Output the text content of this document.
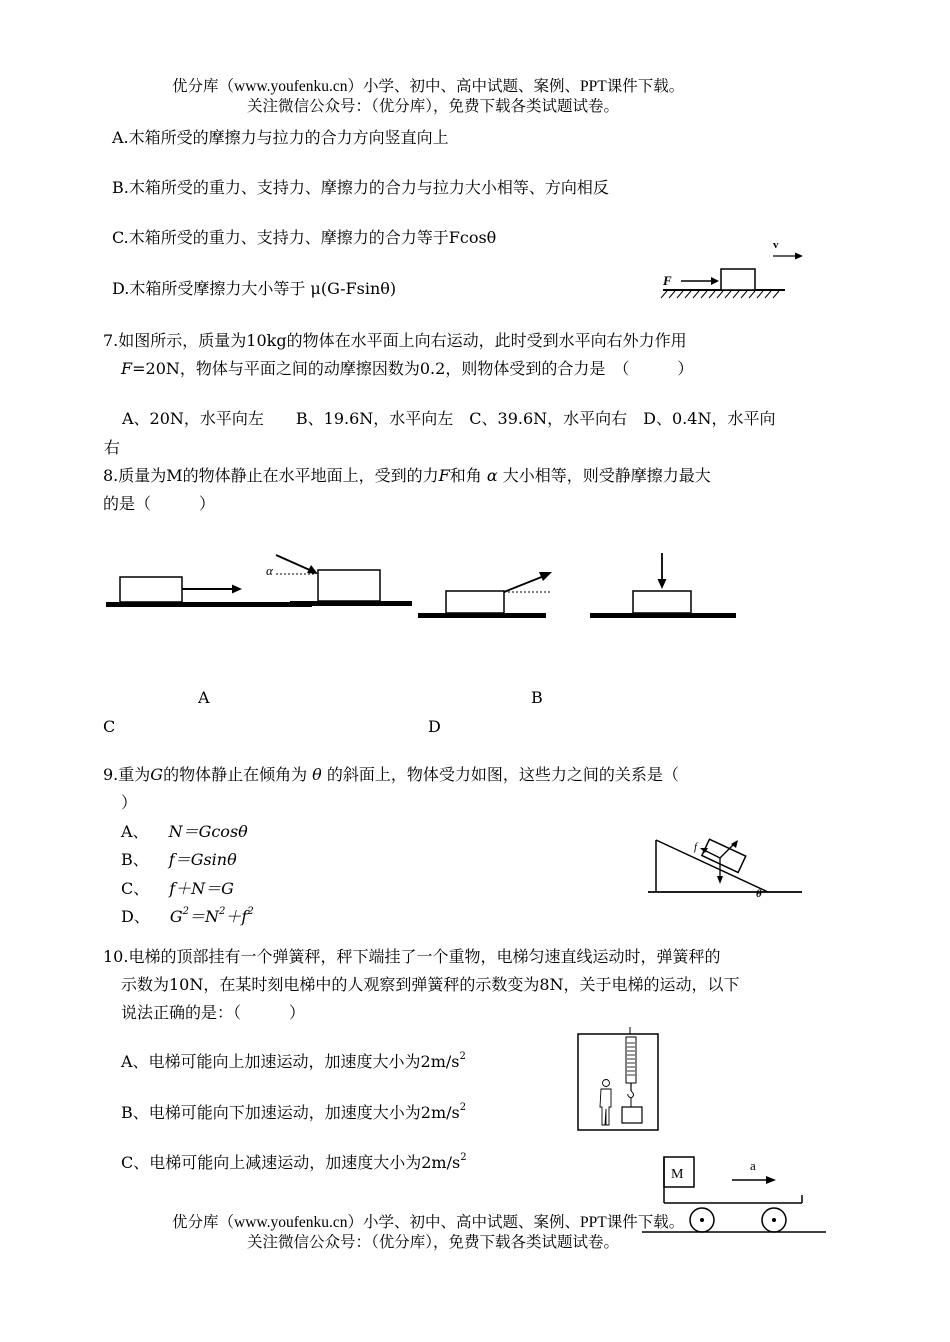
优分库（www.youfenku.cn）小学、初中、高中试题、案例、PPT课件下载。
关注微信公众号：（优分库），免费下载各类试题试卷。
A.木箱所受的摩擦力与拉力的合力方向竖直向上
B.木箱所受的重力、支持力、摩擦力的合力与拉力大小相等、方向相反
C.木箱所受的重力、支持力、摩擦力的合力等于Fcosθ
D.木箱所受摩擦力大小等于 μ(G-Fsinθ)	F
v
7.如图所示，质量为10kg的物体在水平面上向右运动，此时受到水平向右外力作用
F=20N，物体与平面之间的动摩擦因数为0.2，则物体受到的合力是　（　　　）
　A、20N，水平向左　　B、19.6N，水平向左　C、39.6N，水平向右　D、0.4N，水平向
右
8.质量为M的物体静止在水平地面上，受到的力F和角 α 大小相等，则受静摩擦力最大
的是（　　　）
α
A	B
C	D
9.重为G的物体静止在倾角为 θ 的斜面上，物体受力如图，这些力之间的关系是（
）
A、 N＝Gcosθ
B、 f＝Gsinθ
C、 f＋N＝G
D、 $G^2=N^2+f^2$
f
θ
10.电梯的顶部挂有一个弹簧秤，秤下端挂了一个重物，电梯匀速直线运动时，弹簧秤的
示数为10N，在某时刻电梯中的人观察到弹簧秤的示数变为8N，关于电梯的运动，以下
说法正确的是：（　　　）
A、电梯可能向上加速运动，加速度大小为$2m/s^2$
B、电梯可能向下加速运动，加速度大小为$2m/s^2$
C、电梯可能向上减速运动，加速度大小为$2m/s^2$
M
a
优分库（www.youfenku.cn）小学、初中、高中试题、案例、PPT课件下载。
关注微信公众号：（优分库），免费下载各类试题试卷。
